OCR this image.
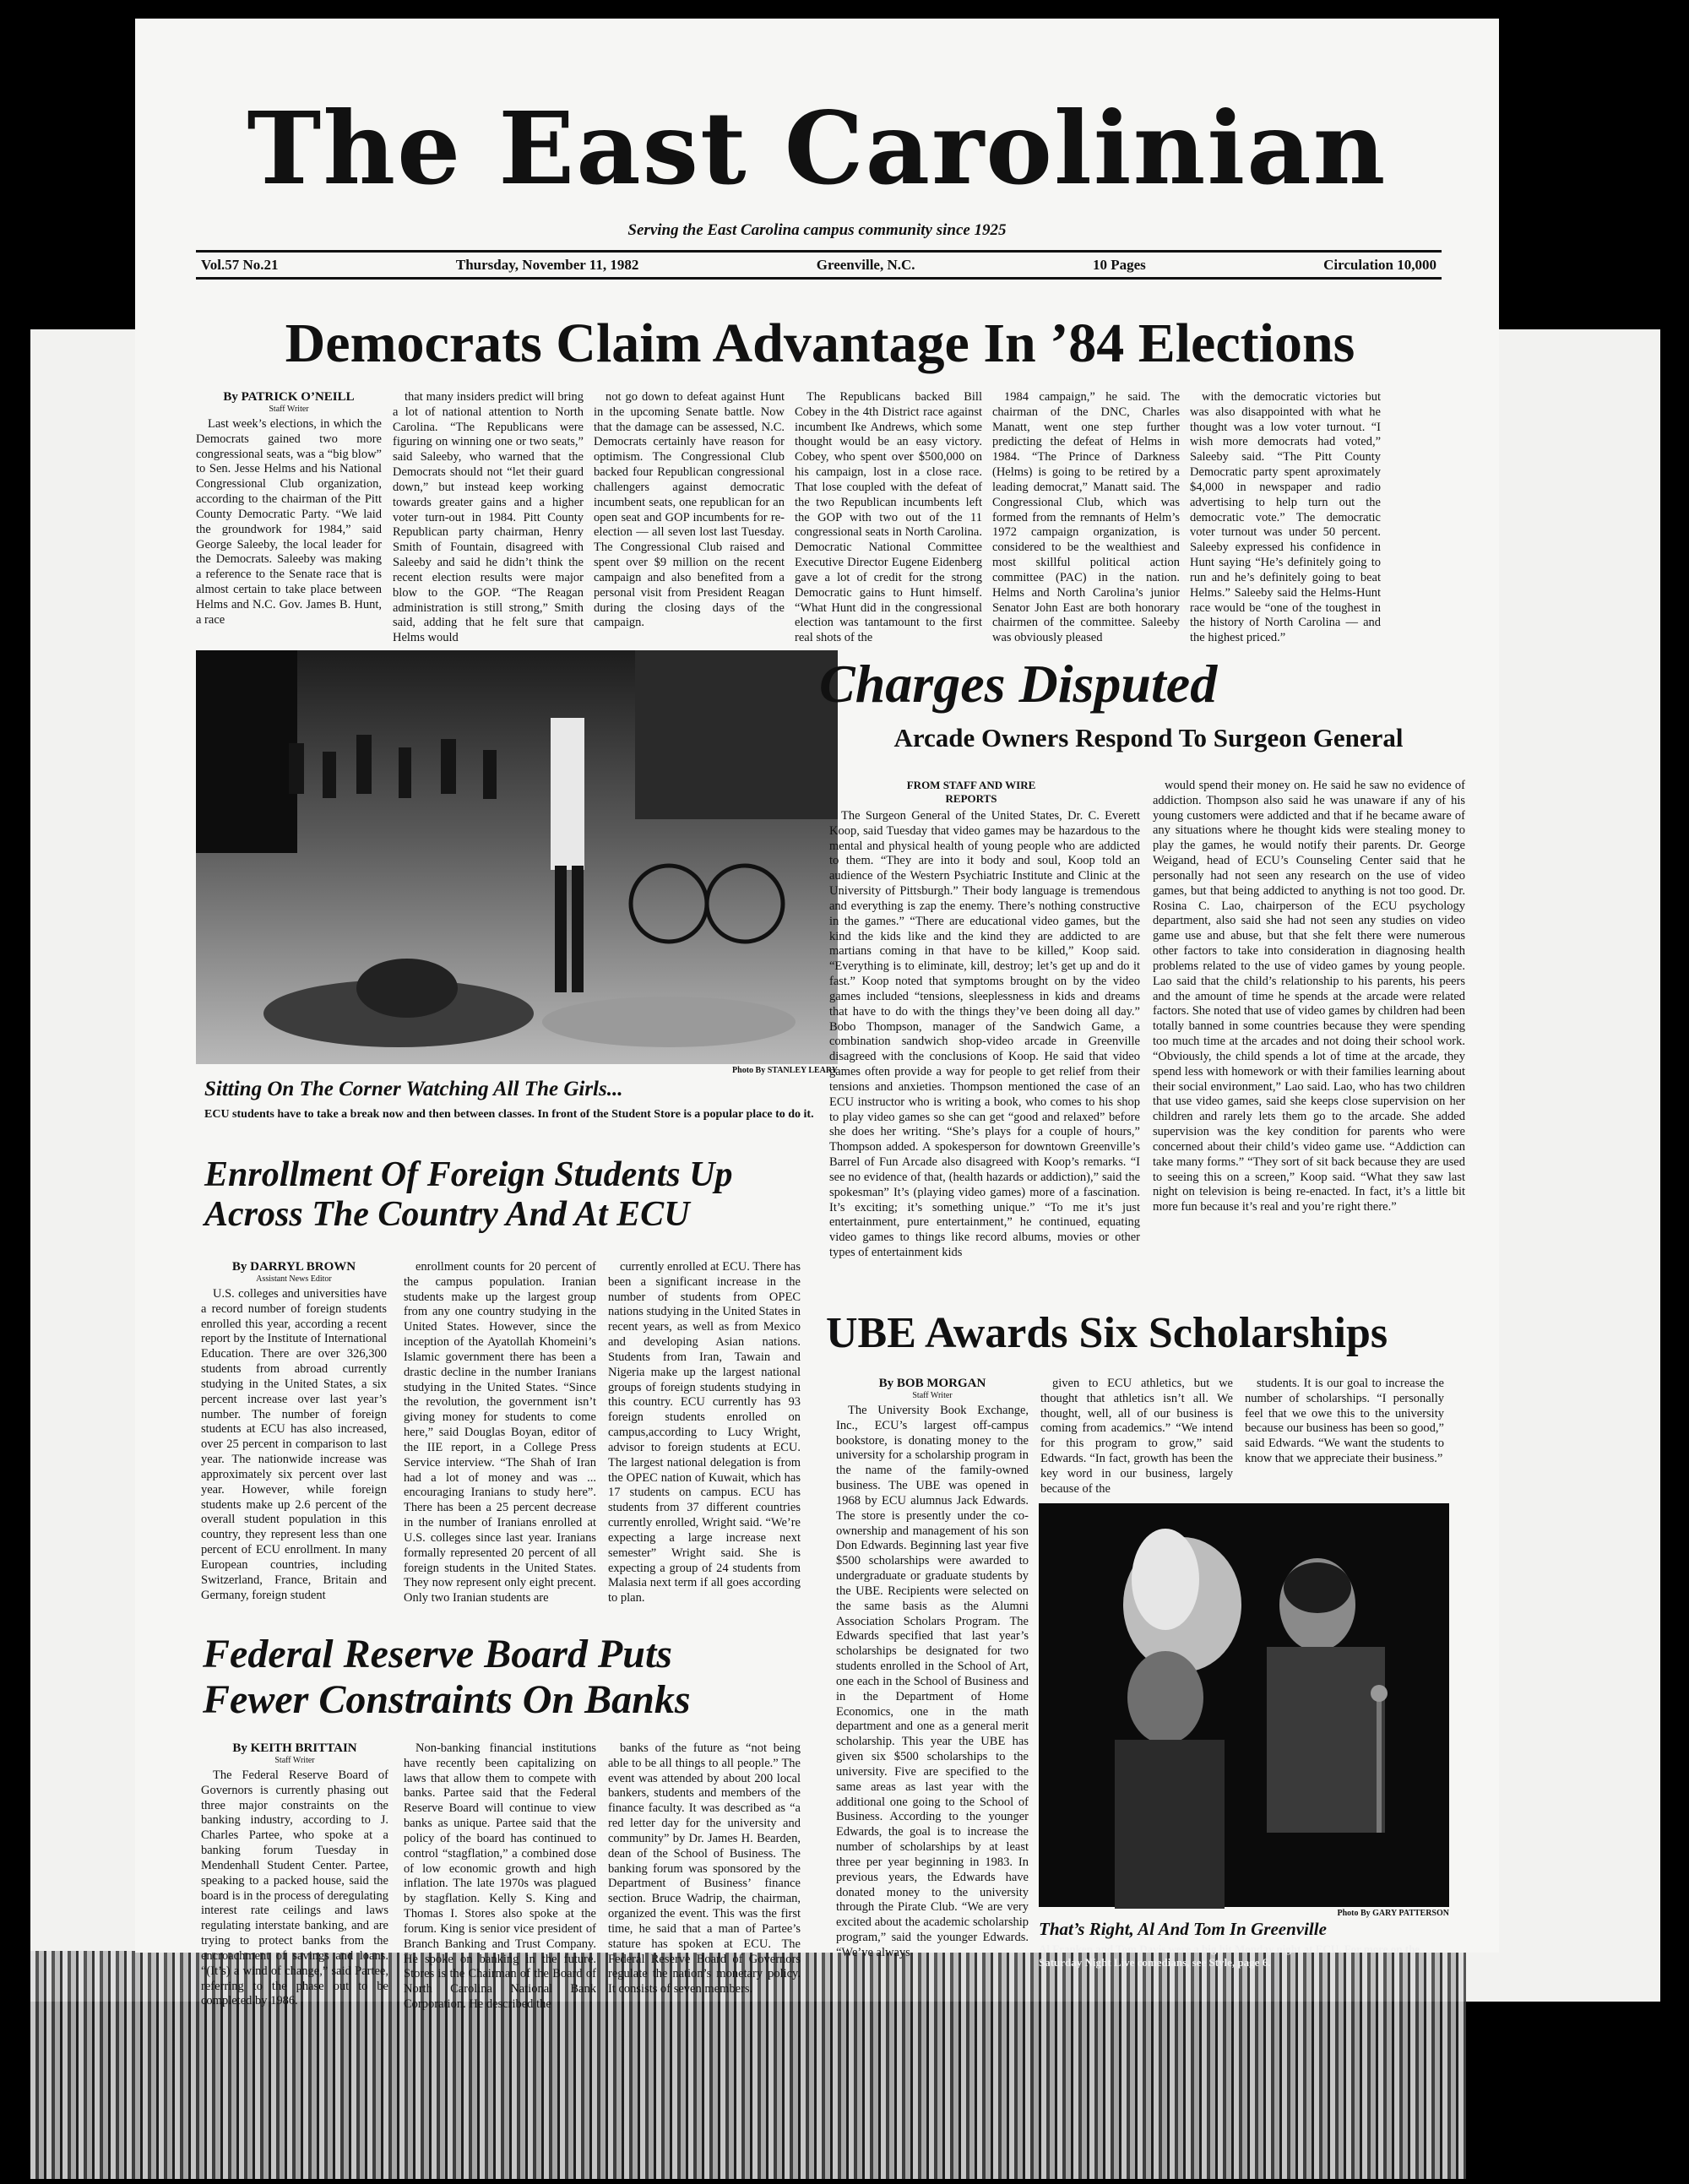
The East Carolinian
Serving the East Carolina campus community since 1925
Vol.57 No.21	Thursday, November 11, 1982	Greenville, N.C.	10 Pages	Circulation 10,000
Democrats Claim Advantage In ’84 Elections
By PATRICK O’NEILL
Staff Writer

Last week’s elections, in which the Democrats gained two more congressional seats, was a “big blow” to Sen. Jesse Helms and his National Congressional Club organization, according to the chairman of the Pitt County Democratic Party. “We laid the groundwork for 1984,” said George Saleeby, the local leader for the Democrats. Saleeby was making a reference to the Senate race that is almost certain to take place between Helms and N.C. Gov. James B. Hunt, a race

that many insiders predict will bring a lot of national attention to North Carolina. “The Republicans were figuring on winning one or two seats,” said Saleeby, who warned that the Democrats should not “let their guard down,” but instead keep working towards greater gains and a higher voter turn-out in 1984. Pitt County Republican party chairman, Henry Smith of Fountain, disagreed with Saleeby and said he didn’t think the recent election results were major blow to the GOP. “The Reagan administration is still strong,” Smith said, adding that he felt sure that Helms would

not go down to defeat against Hunt in the upcoming Senate battle. Now that the damage can be assessed, N.C. Democrats certainly have reason for optimism. The Congressional Club backed four Republican congressional challengers against democratic incumbent seats, one republican for an open seat and GOP incumbents for re-election — all seven lost last Tuesday. The Congressional Club raised and spent over $9 million on the recent campaign and also benefited from a personal visit from President Reagan during the closing days of the campaign.

The Republicans backed Bill Cobey in the 4th District race against incumbent Ike Andrews, which some thought would be an easy victory. Cobey, who spent over $500,000 on his campaign, lost in a close race. That lose coupled with the defeat of the two Republican incumbents left the GOP with two out of the 11 congressional seats in North Carolina. Democratic National Committee Executive Director Eugene Eidenberg gave a lot of credit for the strong Democratic gains to Hunt himself. “What Hunt did in the congressional election was tantamount to the first real shots of the

1984 campaign,” he said. The chairman of the DNC, Charles Manatt, went one step further predicting the defeat of Helms in 1984. “The Prince of Darkness (Helms) is going to be retired by a leading democrat,” Manatt said. The Congressional Club, which was formed from the remnants of Helm’s 1972 campaign organization, is considered to be the wealthiest and most skillful political action committee (PAC) in the nation. Helms and North Carolina’s junior Senator John East are both honorary chairmen of the committee. Saleeby was obviously pleased

with the democratic victories but was also disappointed with what he thought was a low voter turnout. “I wish more democrats had voted,” Saleeby said. “The Pitt County Democratic party spent aproximately $4,000 in newspaper and radio advertising to help turn out the democratic vote.” The democratic voter turnout was under 50 percent. Saleeby expressed his confidence in Hunt saying “He’s definitely going to run and he’s definitely going to beat Helms.” Saleeby said the Helms-Hunt race would be “one of the toughest in the history of North Carolina — and the highest priced.”

Photo By STANLEY LEARY
Sitting On The Corner Watching All The Girls...
ECU students have to take a break now and then between classes. In front of the Student Store is a popular place to do it.
Enrollment Of Foreign Students Up
Across The Country And At ECU
By DARRYL BROWN
Assistant News Editor

U.S. colleges and universities have a record number of foreign students enrolled this year, according a recent report by the Institute of International Education. There are over 326,300 students from abroad currently studying in the United States, a six percent increase over last year’s number. The number of foreign students at ECU has also increased, over 25 percent in comparison to last year. The nationwide increase was approximately six percent over last year. However, while foreign students make up 2.6 percent of the overall student population in this country, they represent less than one percent of ECU enrollment. In many European countries, including Switzerland, France, Britain and Germany, foreign student

enrollment counts for 20 percent of the campus population. Iranian students make up the largest group from any one country studying in the United States. However, since the inception of the Ayatollah Khomeini’s Islamic government there has been a drastic decline in the number Iranians studying in the United States. “Since the revolution, the government isn’t giving money for students to come here,” said Douglas Boyan, editor of the IIE report, in a College Press Service interview. “The Shah of Iran had a lot of money and was ... encouraging Iranians to study here”. There has been a 25 percent decrease in the number of Iranians enrolled at U.S. colleges since last year. Iranians formally represented 20 percent of all foreign students in the United States. They now represent only eight precent. Only two Iranian students are

currently enrolled at ECU. There has been a significant increase in the number of students from OPEC nations studying in the United States in recent years, as well as from Mexico and developing Asian nations. Students from Iran, Tawain and Nigeria make up the largest national groups of foreign students studying in this country. ECU currently has 93 foreign students enrolled on campus,according to Lucy Wright, advisor to foreign students at ECU. The largest national delegation is from the OPEC nation of Kuwait, which has 17 students on campus. ECU has students from 37 different countries currently enrolled, Wright said. “We’re expecting a large increase next semester” Wright said. She is expecting a group of 24 students from Malasia next term if all goes according to plan.

Federal Reserve Board Puts
Fewer Constraints On Banks
By KEITH BRITTAIN
Staff Writer

The Federal Reserve Board of Governors is currently phasing out three major constraints on the banking industry, according to J. Charles Partee, who spoke at a banking forum Tuesday in Mendenhall Student Center. Partee, speaking to a packed house, said the board is in the process of deregulating interest rate ceilings and laws regulating interstate banking, and are trying to protect banks from the encroachment of savings and loans. “(It’s) a wind of change,” said Partee, referring to the phase out to be completed by 1986.

Non-banking financial institutions have recently been capitalizing on laws that allow them to compete with banks. Partee said that the Federal Reserve Board will continue to view banks as unique. Partee said that the policy of the board has continued to control “stagflation,” a combined dose of low economic growth and high inflation. The late 1970s was plagued by stagflation. Kelly S. King and Thomas I. Stores also spoke at the forum. King is senior vice president of Branch Banking and Trust Company. He spoke on banking in the future. Stores is the Chairman of the Board of North Carolina National Bank Corporation. He described the

banks of the future as “not being able to be all things to all people.” The event was attended by about 200 local bankers, students and members of the finance faculty. It was described as “a red letter day for the university and community” by Dr. James H. Bearden, dean of the School of Business. The banking forum was sponsored by the Department of Business’ finance section. Bruce Wadrip, the chairman, organized the event. This was the first time, he said that a man of Partee’s stature has spoken at ECU. The Federal Reserve Board of Governors regulate the nation’s monetary policy. It consists of seven members.

Charges Disputed
Arcade Owners Respond To Surgeon General
FROM STAFF AND WIRE REPORTS

The Surgeon General of the United States, Dr. C. Everett Koop, said Tuesday that video games may be hazardous to the mental and physical health of young people who are addicted to them. “They are into it body and soul, Koop told an audience of the Western Psychiatric Institute and Clinic at the University of Pittsburgh.” Their body language is tremendous and everything is zap the enemy. There’s nothing constructive in the games.” “There are educational video games, but the kind the kids like and the kind they are addicted to are martians coming in that have to be killed,” Koop said. “Everything is to eliminate, kill, destroy; let’s get up and do it fast.” Koop noted that symptoms brought on by the video games included “tensions, sleeplessness in kids and dreams that have to do with the things they’ve been doing all day.” Bobo Thompson, manager of the Sandwich Game, a combination sandwich shop-video arcade in Greenville disagreed with the conclusions of Koop. He said that video games often provide a way for people to get relief from their tensions and anxieties. Thompson mentioned the case of an ECU instructor who is writing a book, who comes to his shop to play video games so she can get “good and relaxed” before she does her writing. “She’s plays for a couple of hours,” Thompson added. A spokesperson for downtown Greenville’s Barrel of Fun Arcade also disagreed with Koop’s remarks. “I see no evidence of that, (health hazards or addiction),” said the spokesman” It’s (playing video games) more of a fascination. It’s exciting; it’s something unique.” “To me it’s just entertainment, pure entertainment,” he continued, equating video games to things like record albums, movies or other types of entertainment kids

would spend their money on. He said he saw no evidence of addiction. Thompson also said he was unaware if any of his young customers were addicted and that if he became aware of any situations where he thought kids were stealing money to play the games, he would notify their parents. Dr. George Weigand, head of ECU’s Counseling Center said that he personally had not seen any research on the use of video games, but that being addicted to anything is not too good. Dr. Rosina C. Lao, chairperson of the ECU psychology department, also said she had not seen any studies on video game use and abuse, but that she felt there were numerous other factors to take into consideration in diagnosing health problems related to the use of video games by young people. Lao said that the child’s relationship to his parents, his peers and the amount of time he spends at the arcade were related factors. She noted that use of video games by children had been totally banned in some countries because they were spending too much time at the arcades and not doing their school work. “Obviously, the child spends a lot of time at the arcade, they spend less with homework or with their families learning about their social environment,” Lao said. Lao, who has two children that use video games, said she keeps close supervision on her children and rarely lets them go to the arcade. She added supervision was the key condition for parents who were concerned about their child’s video game use. “Addiction can take many forms.” “They sort of sit back because they are used to seeing this on a screen,” Koop said. “What they saw last night on television is being re-enacted. In fact, it’s a little bit more fun because it’s real and you’re right there.”

UBE Awards Six Scholarships
By BOB MORGAN
Staff Writer

The University Book Exchange, Inc., ECU’s largest off-campus bookstore, is donating money to the university for a scholarship program in the name of the family-owned business. The UBE was opened in 1968 by ECU alumnus Jack Edwards. The store is presently under the co-ownership and management of his son Don Edwards. Beginning last year five $500 scholarships were awarded to undergraduate or graduate students by the UBE. Recipients were selected on the same basis as the Alumni Association Scholars Program. The Edwards specified that last year’s scholarships be designated for two students enrolled in the School of Art, one each in the School of Business and in the Department of Home Economics, one in the math department and one as a general merit scholarship. This year the UBE has given six $500 scholarships to the university. Five are specified to the same areas as last year with the additional one going to the School of Business. According to the younger Edwards, the goal is to increase the number of scholarships by at least three per year beginning in 1983. In previous years, the Edwards have donated money to the university through the Pirate Club. “We are very excited about the academic scholarship program,” said the younger Edwards. “We’ve always

given to ECU athletics, but we thought that athletics isn’t all. We thought, well, all of our business is coming from academics.” “We intend for this program to grow,” said Edwards. “In fact, growth has been the key word in our business, largely because of the

students. It is our goal to increase the number of scholarships. “I personally feel that we owe this to the university because our business has been so good,” said Edwards. “We want the students to know that we appreciate their business.”

Photo By GARY PATTERSON
That’s Right, Al And Tom In Greenville
Al Franken and Tom Davis were a big hit Monday night at ECU. For more on the Saturday Night Live comedians, see Style, page 6.
